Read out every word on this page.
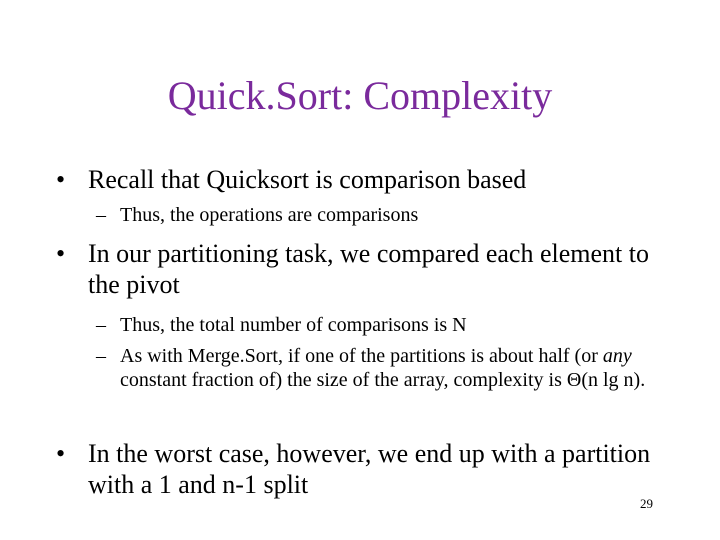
Quick.Sort: Complexity
• Recall that Quicksort is comparison based
– Thus, the operations are comparisons
• In our partitioning task, we compared each element to the pivot
– Thus, the total number of comparisons is N
– As with Merge.Sort, if one of the partitions is about half (or any constant fraction of) the size of the array, complexity is Θ(n lg n).
• In the worst case, however, we end up with a partition with a 1 and n-1 split
29
